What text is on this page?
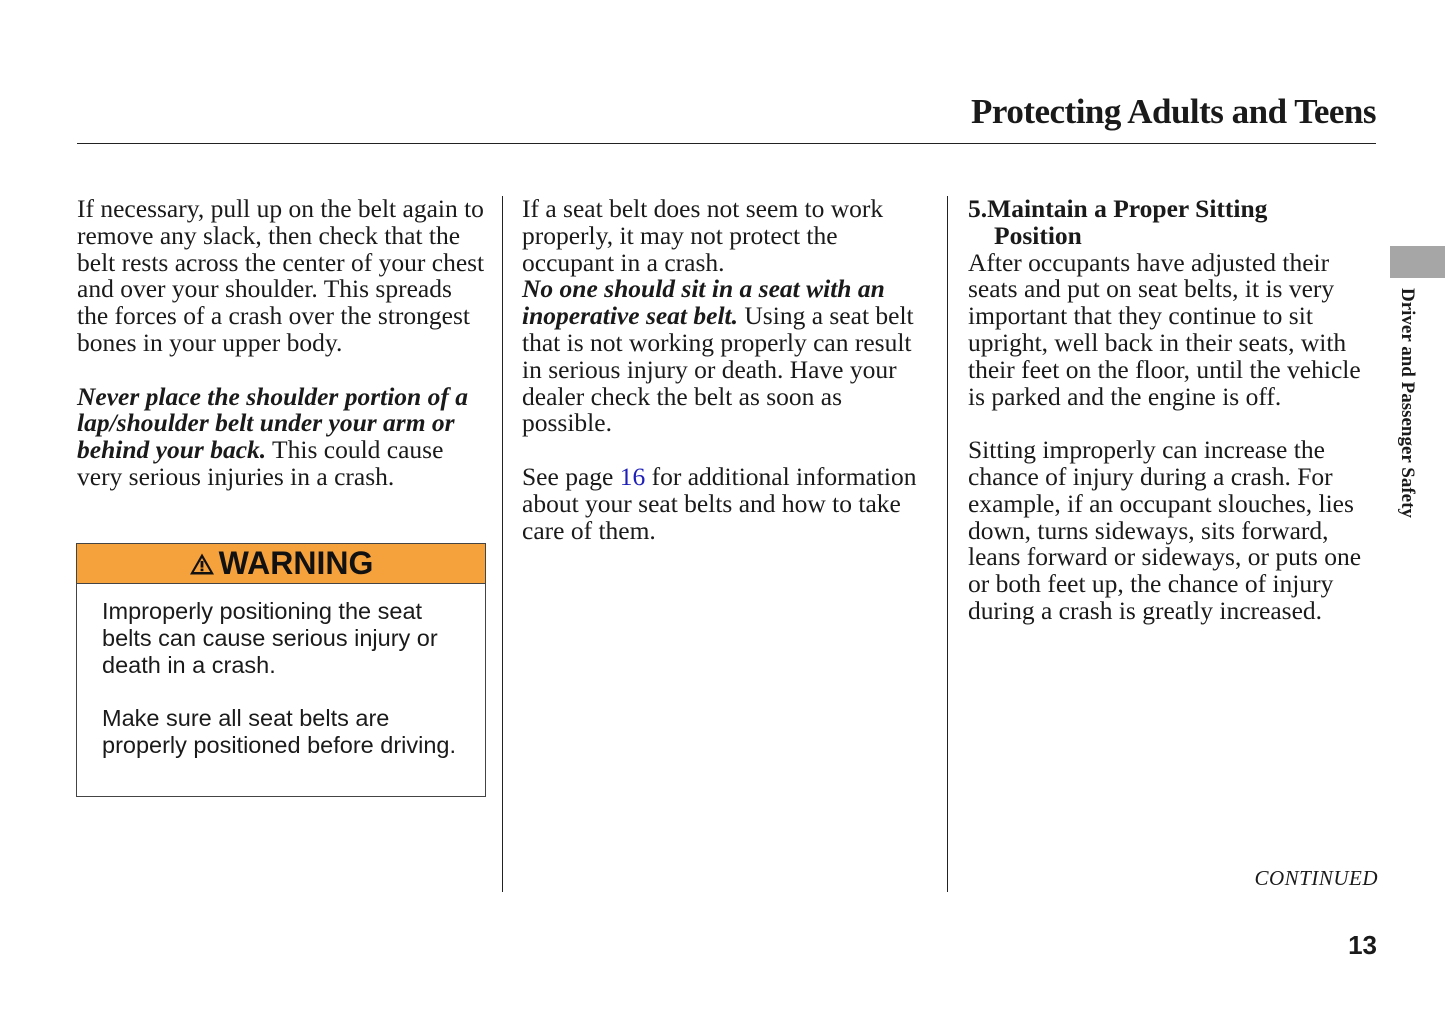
Protecting Adults and Teens

If necessary, pull up on the belt again to remove any slack, then check that the belt rests across the center of your chest and over your shoulder. This spreads the forces of a crash over the strongest bones in your upper body.

Never place the shoulder portion of a lap/shoulder belt under your arm or behind your back. This could cause very serious injuries in a crash.

WARNING

Improperly positioning the seat belts can cause serious injury or death in a crash.

Make sure all seat belts are properly positioned before driving.

If a seat belt does not seem to work properly, it may not protect the occupant in a crash.

No one should sit in a seat with an inoperative seat belt. Using a seat belt that is not working properly can result in serious injury or death. Have your dealer check the belt as soon as possible.

See page 16 for additional information about your seat belts and how to take care of them.

5.Maintain a Proper Sitting
Position

After occupants have adjusted their seats and put on seat belts, it is very important that they continue to sit upright, well back in their seats, with their feet on the floor, until the vehicle is parked and the engine is off.

Sitting improperly can increase the chance of injury during a crash. For example, if an occupant slouches, lies down, turns sideways, sits forward, leans forward or sideways, or puts one or both feet up, the chance of injury during a crash is greatly increased.

Driver and Passenger Safety
CONTINUED
13
